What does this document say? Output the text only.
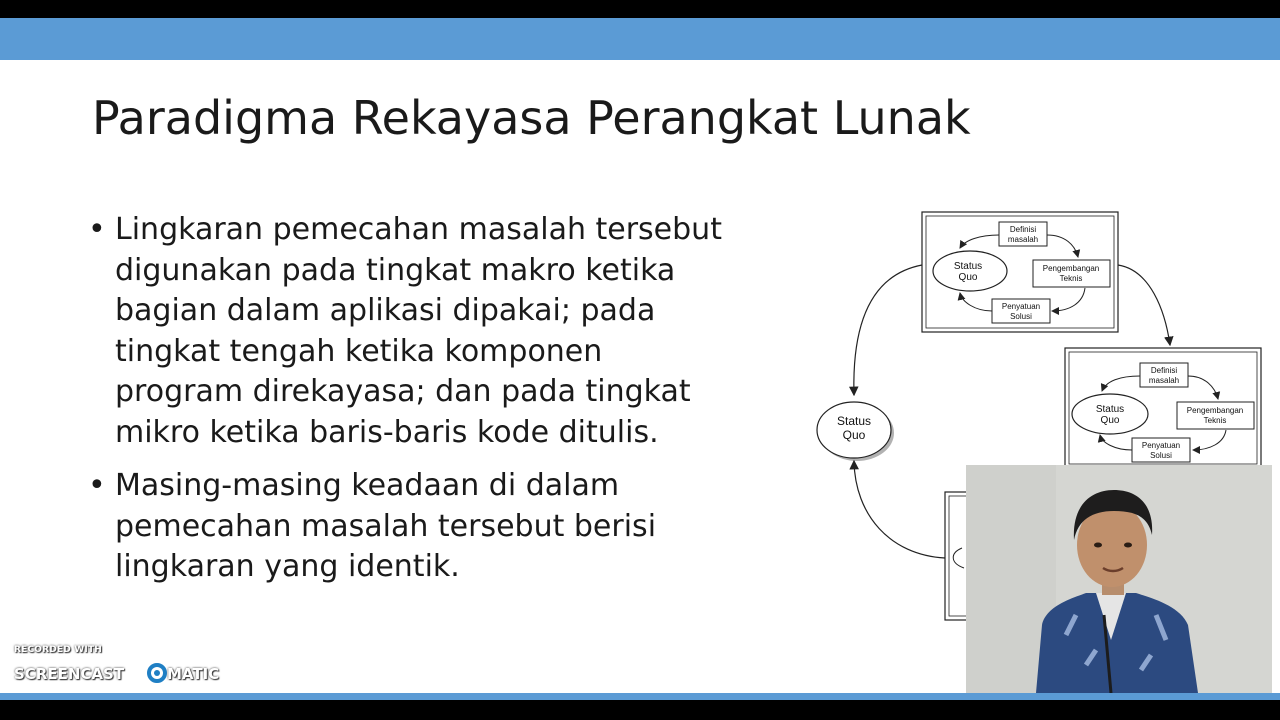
Paradigma Rekayasa Perangkat Lunak
• Lingkaran pemecahan masalah tersebut digunakan pada tingkat makro ketika bagian dalam aplikasi dipakai; pada tingkat tengah ketika komponen program direkayasa; dan pada tingkat mikro ketika baris-baris kode ditulis.
• Masing-masing keadaan di dalam pemecahan masalah tersebut berisi lingkaran yang identik.
Status
Quo
Definisi
masalah
Status
Quo
Pengembangan
Teknis
Penyatuan
Solusi
Definisi
masalah
Status
Quo
Pengembangan
Teknis
Penyatuan
Solusi
RECORDED WITH
SCREENCAST	MATIC
